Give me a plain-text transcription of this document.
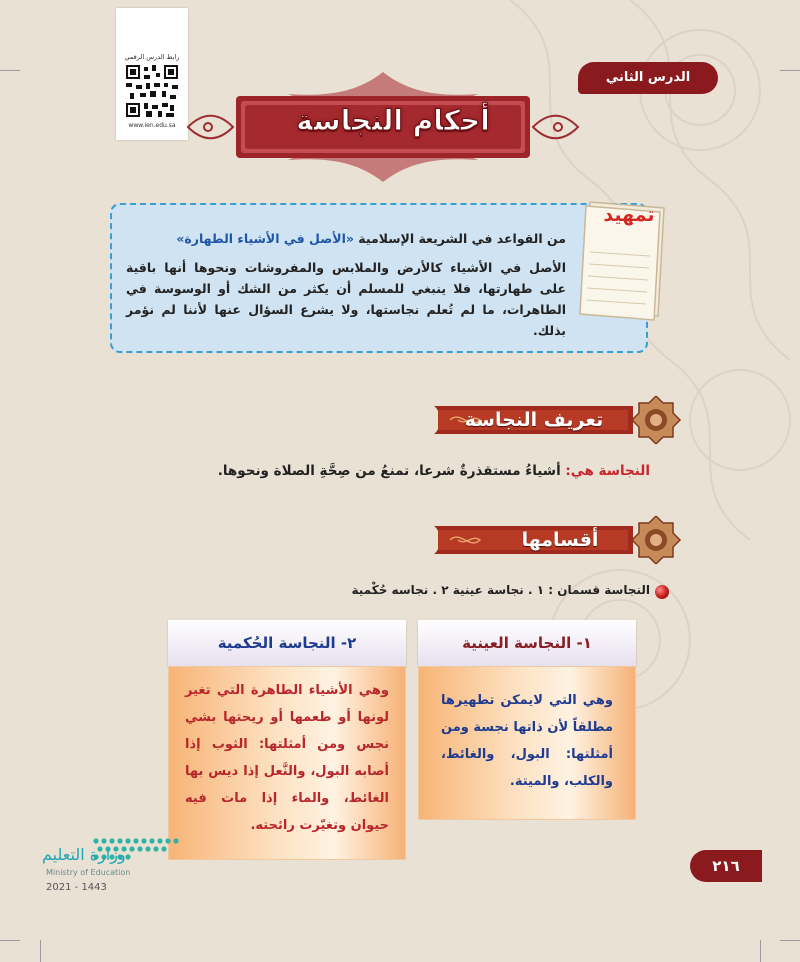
رابط الدرس الرقمي
www.ien.edu.sa
الدرس الثاني
أحكام النجاسة
من القواعد في الشريعة الإسلامية «الأصل في الأشياء الطهارة»
الأصل في الأشياء كالأرض والملابس والمفروشات ونحوها أنها باقية على طهارتها، فلا ينبغي للمسلم أن يكثر من الشك أو الوسوسة في الطاهرات، ما لم تُعلم نجاستها، ولا يشرع السؤال عنها لأننا لم نؤمر بذلك.
تمهيد
تعريف النجاسة
النجاسة هي: أشياءُ مستقذرةٌ شرعا، تمنعُ من صِحَّةِ الصلاة ونحوها.
أقسامها
النجاسة قسمان : ١ . نجاسة عينية ٢ . نجاسه حُكْمية
١- النجاسة العينية
وهي التي لايمكن تطهيرها مطلقاً لأن ذاتها نجسة ومن أمثلتها: البول، والغائط، والكلب، والميتة.
٢- النجاسة الحُكمية
وهي الأشياء الطاهرة التي تغير لونها أو طعمها أو ريحتها بشي نجس ومن أمثلتها: الثوب إذا أصابه البول، والنَّعل إذا ديس بها الغائط، والماء إذا مات فيه حيوان وتغيّرت رائحته.
وزارة التعليم
Ministry of Education
2021 - 1443
٢١٦
